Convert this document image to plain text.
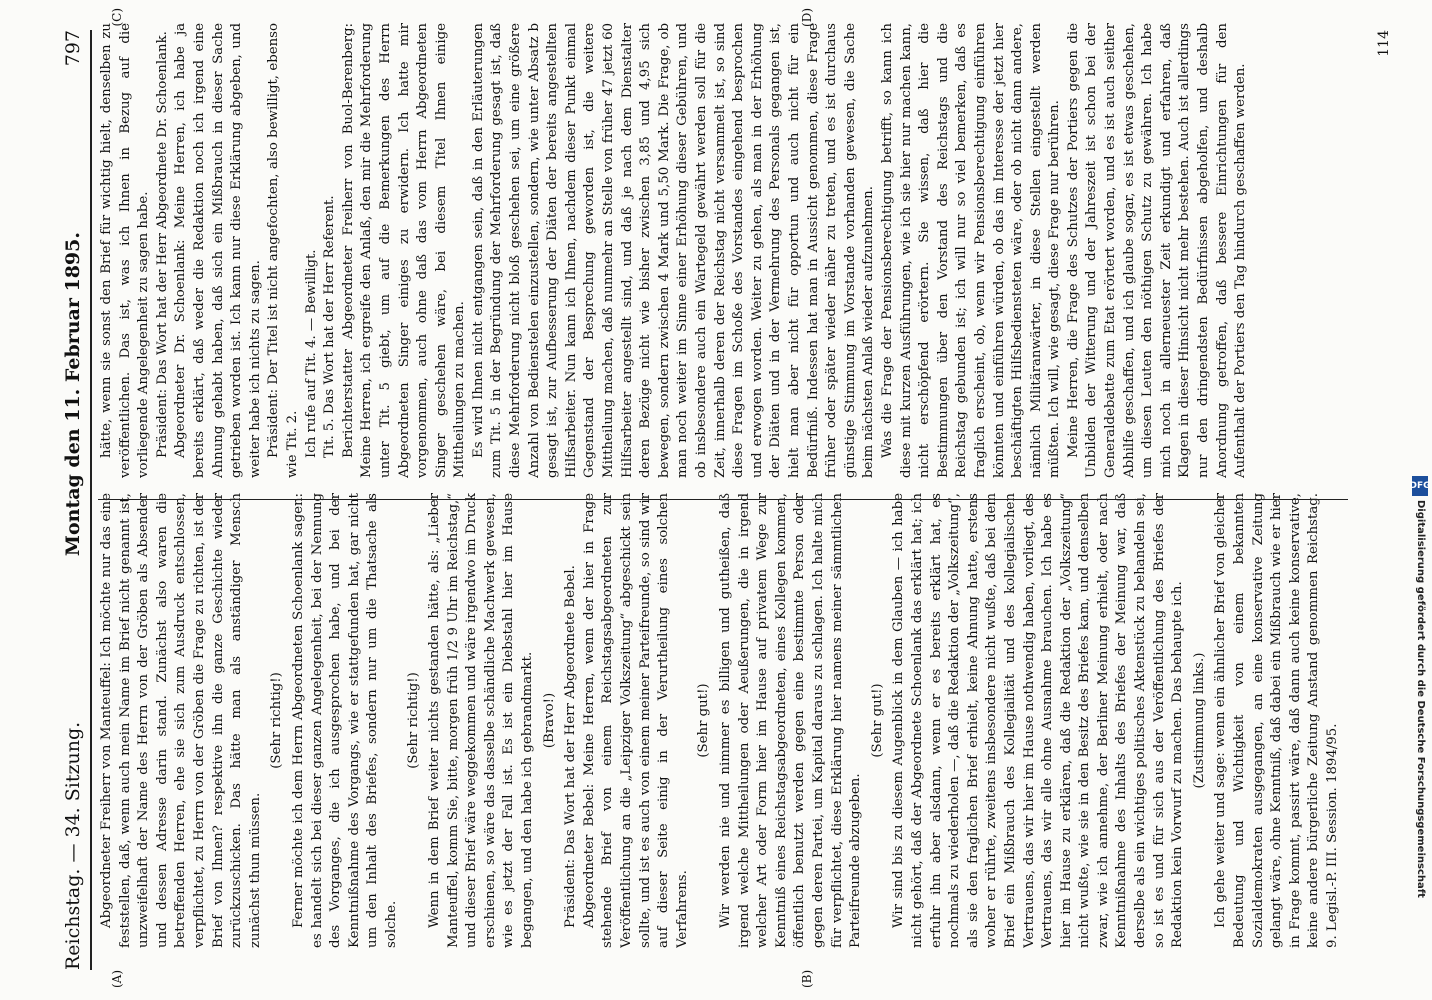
Reichstag. — 34. Sitzung.
Montag den 11. Februar 1895.
797
(A)	(B)
(C)	(D)

Abgeordneter Freiherr von Manteuffel: Ich möchte nur das eine feststellen, daß, wenn auch mein Name im Brief nicht genannt ist, unzweifelhaft der Name des Herrn von der Gröben als Absender und dessen Adresse darin stand. Zunächst also waren die betreffenden Herren, ehe sie sich zum Ausdruck entschlossen, verpflichtet, zu Herrn von der Gröben die Frage zu richten, ist der Brief von Ihnen? respektive ihn die ganze Geschichte wieder zurückzuschicken. Das hätte man als anständiger Mensch zunächst thun müssen.

(Sehr richtig!) Ferner möchte ich dem Herrn Abgeordneten Schoenlank sagen: es handelt sich bei dieser ganzen Angelegenheit, bei der Nennung des Vorganges, die ich ausgesprochen habe, und bei der Kenntnißnahme des Vorgangs, wie er stattgefunden hat, gar nicht um den Inhalt des Briefes, sondern nur um die Thatsache als solche.

(Sehr richtig!) Wenn in dem Brief weiter nichts gestanden hätte, als: „Lieber Manteuffel, komm Sie, bitte, morgen früh 1/2 9 Uhr im Reichstag,“ und dieser Brief wäre weggekommen und wäre irgendwo im Druck erschienen, so wäre das dasselbe schändliche Machwerk gewesen, wie es jetzt der Fall ist. Es ist ein Diebstahl hier im Hause begangen, und den habe ich gebrandmarkt. (Bravo!) Präsident: Das Wort hat der Herr Abgeordnete Bebel. Abgeordneter Bebel: Meine Herren, wenn der hier in Frage stehende Brief von einem Reichstagsabgeordneten zur Veröffentlichung an die „Leipziger Volkszeitung“ abgeschickt sein sollte, und ist es auch von einem meiner Parteifreunde, so sind wir auf dieser Seite einig in der Verurtheilung eines solchen Verfahrens.

(Sehr gut!) Wir werden nie und nimmer es billigen und gutheißen, daß irgend welche Mittheilungen oder Aeußerungen, die in irgend welcher Art oder Form hier im Hause auf privatem Wege zur Kenntniß eines Reichstagsabgeordneten, eines Kollegen kommen, öffentlich benutzt werden gegen eine bestimmte Person oder gegen deren Partei, um Kapital daraus zu schlagen. Ich halte mich für verpflichtet, diese Erklärung hier namens meiner sämmtlichen Parteifreunde abzugeben.

(Sehr gut!) Wir sind bis zu diesem Augenblick in dem Glauben — ich habe nicht gehört, daß der Abgeordnete Schoenlank das erklärt hat; ich erfuhr ihn aber alsdann, wenn er es bereits erklärt hat, es nochmals zu wiederholen —, daß die Redaktion der „Volkszeitung“, als sie den fraglichen Brief erhielt, keine Ahnung hatte, erstens woher er rührte, zweitens insbesondere nicht wußte, daß bei dem Brief ein Mißbrauch des Kollegialität und des kollegialischen Vertrauens, das wir hier im Hause nothwendig haben, vorliegt, des Vertrauens, das wir alle ohne Ausnahme brauchen. Ich habe es hier im Hause zu erklären, daß die Redaktion der „Volkszeitung“ nicht wußte, wie sie in den Besitz des Briefes kam, und denselben zwar, wie ich annehme, der Berliner Meinung erhielt, oder nach Kenntnißnahme des Inhalts des Briefes der Meinung war, daß derselbe als ein wichtiges politisches Aktenstück zu behandeln sei, so ist es und für sich aus der Veröffentlichung des Briefes der Redaktion kein Vorwurf zu machen. Das behaupte ich. (Zustimmung links.) Ich gehe weiter und sage: wenn ein ähnlicher Brief von gleicher Bedeutung und Wichtigkeit von einem bekannten Sozialdemokraten ausgegangen, an eine konservative Zeitung gelangt wäre, ohne Kenntniß, daß dabei ein Mißbrauch wie er hier in Frage kommt, passirt wäre, daß dann auch keine konservative, keine andere bürgerliche Zeitung Anstand genommen Reichstag. 9. Legisl.-P. III. Session. 1894/95.

hätte, wenn sie sonst den Brief für wichtig hielt, denselben zu veröffentlichen. Das ist, was ich Ihnen in Bezug auf die vorliegende Angelegenheit zu sagen habe. Präsident: Das Wort hat der Herr Abgeordnete Dr. Schoenlank. Abgeordneter Dr. Schoenlank: Meine Herren, ich habe ja bereits erklärt, daß weder die Redaktion noch ich irgend eine Ahnung gehabt haben, daß sich ein Mißbrauch in dieser Sache getrieben worden ist. Ich kann nur diese Erklärung abgeben, und weiter habe ich nichts zu sagen. Präsident: Der Titel ist nicht angefochten, also bewilligt, ebenso wie Tit. 2. Ich rufe auf Tit. 4. — Bewilligt. Tit. 5. Das Wort hat der Herr Referent. Berichterstatter Abgeordneter Freiherr von Buol-Berenberg: Meine Herren, ich ergreife den Anlaß, den mir die Mehrforderung unter Tit. 5 giebt, um auf die Bemerkungen des Herrn Abgeordneten Singer einiges zu erwidern. Ich hatte mir vorgenommen, auch ohne daß das vom Herrn Abgeordneten Singer geschehen wäre, bei diesem Titel Ihnen einige Mittheilungen zu machen. Es wird Ihnen nicht entgangen sein, daß in den Erläuterungen zum Tit. 5 in der Begründung der Mehrforderung gesagt ist, daß diese Mehrforderung nicht bloß geschehen sei, um eine größere Anzahl von Bedienstelen einzustellen, sondern, wie unter Absatz b gesagt ist, zur Aufbesserung der Diäten der bereits angestellten Hilfsarbeiter. Nun kann ich Ihnen, nachdem dieser Punkt einmal Gegenstand der Besprechung geworden ist, die weitere Mittheilung machen, daß nunmehr an Stelle von früher 47 jetzt 60 Hilfsarbeiter angestellt sind, und daß je nach dem Dienstalter deren Bezüge nicht wie bisher zwischen 3,85 und 4,95 sich bewegen, sondern zwischen 4 Mark und 5,50 Mark. Die Frage, ob man noch weiter im Sinne einer Erhöhung dieser Gebühren, und ob insbesondere auch ein Wartegeld gewährt werden soll für die Zeit, innerhalb deren der Reichstag nicht versammelt ist, so sind diese Fragen im Schoße des Vorstandes eingehend besprochen und erwogen worden. Weiter zu gehen, als man in der Erhöhung der Diäten und in der Vermehrung des Personals gegangen ist, hielt man aber nicht für opportun und auch nicht für ein Bedürfniß. Indessen hat man in Aussicht genommen, diese Frage früher oder später wieder näher zu treten, und es ist durchaus günstige Stimmung im Vorstande vorhanden gewesen, die Sache beim nächsten Anlaß wieder aufzunehmen. Was die Frage der Pensionsberechtigung betrifft, so kann ich diese mit kurzen Ausführungen, wie ich sie hier nur machen kann, nicht erschöpfend erörtern. Sie wissen, daß hier die Bestimmungen über den Vorstand des Reichstags und die Reichstag gebunden ist; ich will nur so viel bemerken, daß es fraglich erscheint, ob, wenn wir Pensionsberechtigung einführen könnten und einführen würden, ob das im Interesse der jetzt hier beschäftigten Hilfsbediensteten wäre, oder ob nicht dann andere, nämlich Militäranwärter, in diese Stellen eingestellt werden müßten. Ich will, wie gesagt, diese Frage nur berühren. Meine Herren, die Frage des Schutzes der Portiers gegen die Unbilden der Witterung und der Jahreszeit ist schon bei der Generaldebatte zum Etat erörtert worden, und es ist auch seither Abhilfe geschaffen, und ich glaube sogar, es ist etwas geschehen, um diesen Leuten den nöthigen Schutz zu gewähren. Ich habe mich noch in allerneuester Zeit erkundigt und erfahren, daß Klagen in dieser Hinsicht nicht mehr bestehen. Auch ist allerdings nur den dringendsten Bedürfnissen abgeholfen, und deshalb Anordnung getroffen, daß bessere Einrichtungen für den Aufenthalt der Portiers den Tag hindurch geschaffen werden.

114
DFG
Digitalisierung gefördert durch die Deutsche Forschungsgemeinschaft
